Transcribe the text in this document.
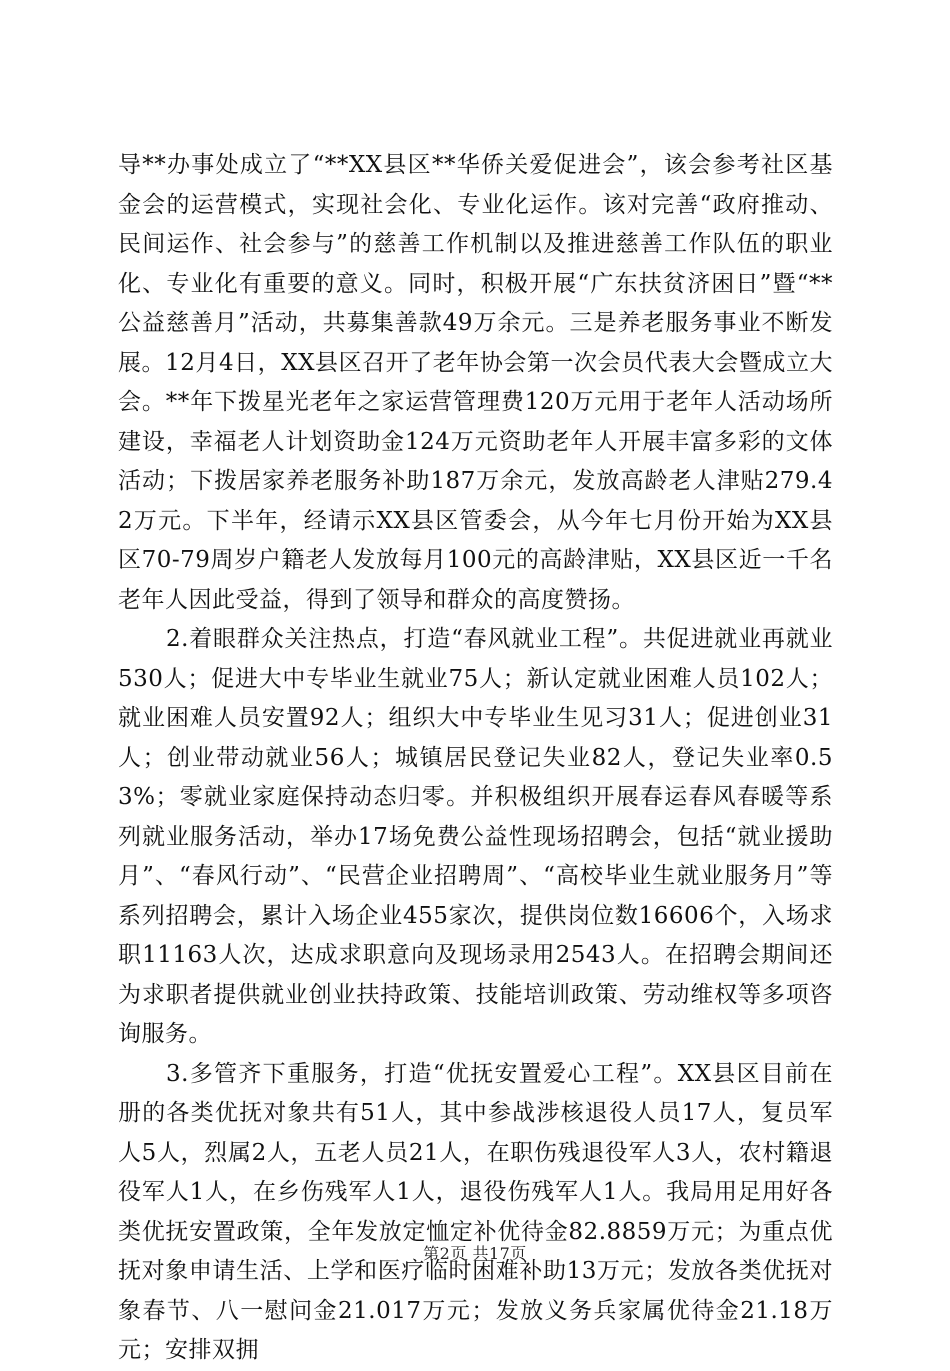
导**办事处成立了“**XX县区**华侨关爱促进会”，该会参考社区基金会的运营模式，实现社会化、专业化运作。该对完善“政府推动、民间运作、社会参与”的慈善工作机制以及推进慈善工作队伍的职业化、专业化有重要的意义。同时，积极开展“广东扶贫济困日”暨“**公益慈善月”活动，共募集善款49万余元。三是养老服务事业不断发展。12月4日，XX县区召开了老年协会第一次会员代表大会暨成立大会。**年下拨星光老年之家运营管理费120万元用于老年人活动场所建设，幸福老人计划资助金124万元资助老年人开展丰富多彩的文体活动；下拨居家养老服务补助187万余元，发放高龄老人津贴279.42万元。下半年，经请示XX县区管委会，从今年七月份开始为XX县区70-79周岁户籍老人发放每月100元的高龄津贴，XX县区近一千名老年人因此受益，得到了领导和群众的高度赞扬。

2.着眼群众关注热点，打造“春风就业工程”。共促进就业再就业530人；促进大中专毕业生就业75人；新认定就业困难人员102人；就业困难人员安置92人；组织大中专毕业生见习31人；促进创业31人；创业带动就业56人；城镇居民登记失业82人，登记失业率0.53%；零就业家庭保持动态归零。并积极组织开展春运春风春暖等系列就业服务活动，举办17场免费公益性现场招聘会，包括“就业援助月”、“春风行动”、“民营企业招聘周”、“高校毕业生就业服务月”等系列招聘会，累计入场企业455家次，提供岗位数16606个，入场求职11163人次，达成求职意向及现场录用2543人。在招聘会期间还为求职者提供就业创业扶持政策、技能培训政策、劳动维权等多项咨询服务。

3.多管齐下重服务，打造“优抚安置爱心工程”。XX县区目前在册的各类优抚对象共有51人，其中参战涉核退役人员17人，复员军人5人，烈属2人，五老人员21人，在职伤残退役军人3人，农村籍退役军人1人，在乡伤残军人1人，退役伤残军人1人。我局用足用好各类优抚安置政策，全年发放定恤定补优待金82.8859万元；为重点优抚对象申请生活、上学和医疗临时困难补助13万元；发放各类优抚对象春节、八一慰问金21.017万元；发放义务兵家属优待金21.18万元；安排双拥

第2页 共17页
